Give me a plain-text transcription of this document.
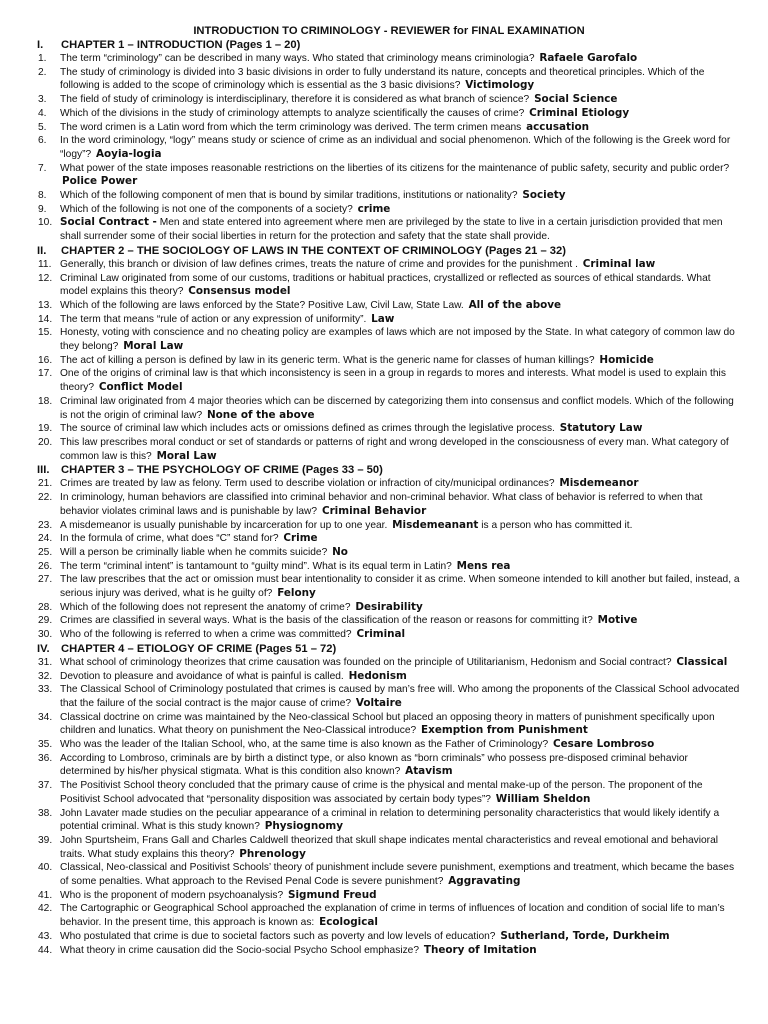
INTRODUCTION TO CRIMINOLOGY - REVIEWER for FINAL EXAMINATION
I. CHAPTER 1 – INTRODUCTION (Pages 1 – 20)
1.	The term “criminology” can be described in many ways. Who stated that criminology means criminologia? Rafaele Garofalo
2.	The study of criminology is divided into 3 basic divisions in order to fully understand its nature, concepts and theoretical principles. Which of the following is added to the scope of criminology which is essential as the 3 basic divisions? Victimology
3.	The field of study of criminology is interdisciplinary, therefore it is considered as what branch of science? Social Science
4.	Which of the divisions in the study of criminology attempts to analyze scientifically the causes of crime? Criminal Etiology
5.	The word crimen is a Latin word from which the term criminology was derived. The term crimen means accusation
6.	In the word criminology, “logy” means study or science of crime as an individual and social phenomenon. Which of the following is the Greek word for “logy”? Aoyia-logia
7.	What power of the state imposes reasonable restrictions on the liberties of its citizens for the maintenance of public safety, security and public order? Police Power
8.	Which of the following component of men that is bound by similar traditions, institutions or nationality? Society
9.	Which of the following is not one of the components of a society? crime
10. Social Contract - Men and state entered into agreement where men are privileged by the state to live in a certain jurisdiction provided that men shall surrender some of their social liberties in return for the protection and safety that the state shall provide.
II. CHAPTER 2 – THE SOCIOLOGY OF LAWS IN THE CONTEXT OF CRIMINOLOGY (Pages 21 – 32)
11. Generally, this branch or division of law defines crimes, treats the nature of crime and provides for the punishment . Criminal law
12. Criminal Law originated from some of our customs, traditions or habitual practices, crystallized or reflected as sources of ethical standards. What model explains this theory? Consensus model
13. Which of the following are laws enforced by the State? Positive Law, Civil Law, State Law. All of the above
14. The term that means “rule of action or any expression of uniformity”. Law
15. Honesty, voting with conscience and no cheating policy are examples of laws which are not imposed by the State. In what category of common law do they belong? Moral Law
16. The act of killing a person is defined by law in its generic term. What is the generic name for classes of human killings? Homicide
17. One of the origins of criminal law is that which inconsistency is seen in a group in regards to mores and interests. What model is used to explain this theory? Conflict Model
18. Criminal law originated from 4 major theories which can be discerned by categorizing them into consensus and conflict models. Which of the following is not the origin of criminal law? None of the above
19. The source of criminal law which includes acts or omissions defined as crimes through the legislative process. Statutory Law
20. This law prescribes moral conduct or set of standards or patterns of right and wrong developed in the consciousness of every man. What category of common law is this? Moral Law
III. CHAPTER 3 – THE PSYCHOLOGY OF CRIME (Pages 33 – 50)
21. Crimes are treated by law as felony. Term used to describe violation or infraction of city/municipal ordinances? Misdemeanor
22. In criminology, human behaviors are classified into criminal behavior and non-criminal behavior. What class of behavior is referred to when that behavior violates criminal laws and is punishable by law? Criminal Behavior
23. A misdemeanor is usually punishable by incarceration for up to one year. Misdemeanant is a person who has committed it.
24. In the formula of crime, what does “C” stand for? Crime
25. Will a person be criminally liable when he commits suicide? No
26. The term “criminal intent” is tantamount to “guilty mind”. What is its equal term in Latin? Mens rea
27. The law prescribes that the act or omission must bear intentionality to consider it as crime. When someone intended to kill another but failed, instead, a serious injury was derived, what is he guilty of? Felony
28. Which of the following does not represent the anatomy of crime? Desirability
29. Crimes are classified in several ways. What is the basis of the classification of the reason or reasons for committing it? Motive
30. Who of the following is referred to when a crime was committed? Criminal
IV. CHAPTER 4 – ETIOLOGY OF CRIME (Pages 51 – 72)
31. What school of criminology theorizes that crime causation was founded on the principle of Utilitarianism, Hedonism and Social contract? Classical
32. Devotion to pleasure and avoidance of what is painful is called. Hedonism
33. The Classical School of Criminology postulated that crimes is caused by man’s free will. Who among the proponents of the Classical School advocated that the failure of the social contract is the major cause of crime? Voltaire
34. Classical doctrine on crime was maintained by the Neo-classical School but placed an opposing theory in matters of punishment specifically upon children and lunatics. What theory on punishment the Neo-Classical introduce? Exemption from Punishment
35. Who was the leader of the Italian School, who, at the same time is also known as the Father of Criminology? Cesare Lombroso
36. According to Lombroso, criminals are by birth a distinct type, or also known as “born criminals” who possess pre-disposed criminal behavior determined by his/her physical stigmata. What is this condition also known? Atavism
37. The Positivist School theory concluded that the primary cause of crime is the physical and mental make-up of the person. The proponent of the Positivist School advocated that “personality disposition was associated by certain body types”? William Sheldon
38. John Lavater made studies on the peculiar appearance of a criminal in relation to determining personality characteristics that would likely identify a potential criminal. What is this study known? Physiognomy
39. John Spurtsheim, Frans Gall and Charles Caldwell theorized that skull shape indicates mental characteristics and reveal emotional and behavioral traits. What study explains this theory? Phrenology
40. Classical, Neo-classical and Positivist Schools’ theory of punishment include severe punishment, exemptions and treatment, which became the bases of some penalties. What approach to the Revised Penal Code is severe punishment? Aggravating
41. Who is the proponent of modern psychoanalysis? Sigmund Freud
42. The Cartographic or Geographical School approached the explanation of crime in terms of influences of location and condition of social life to man’s behavior. In the present time, this approach is known as: Ecological
43. Who postulated that crime is due to societal factors such as poverty and low levels of education? Sutherland, Torde, Durkheim
44. What theory in crime causation did the Socio-social Psycho School emphasize? Theory of Imitation
